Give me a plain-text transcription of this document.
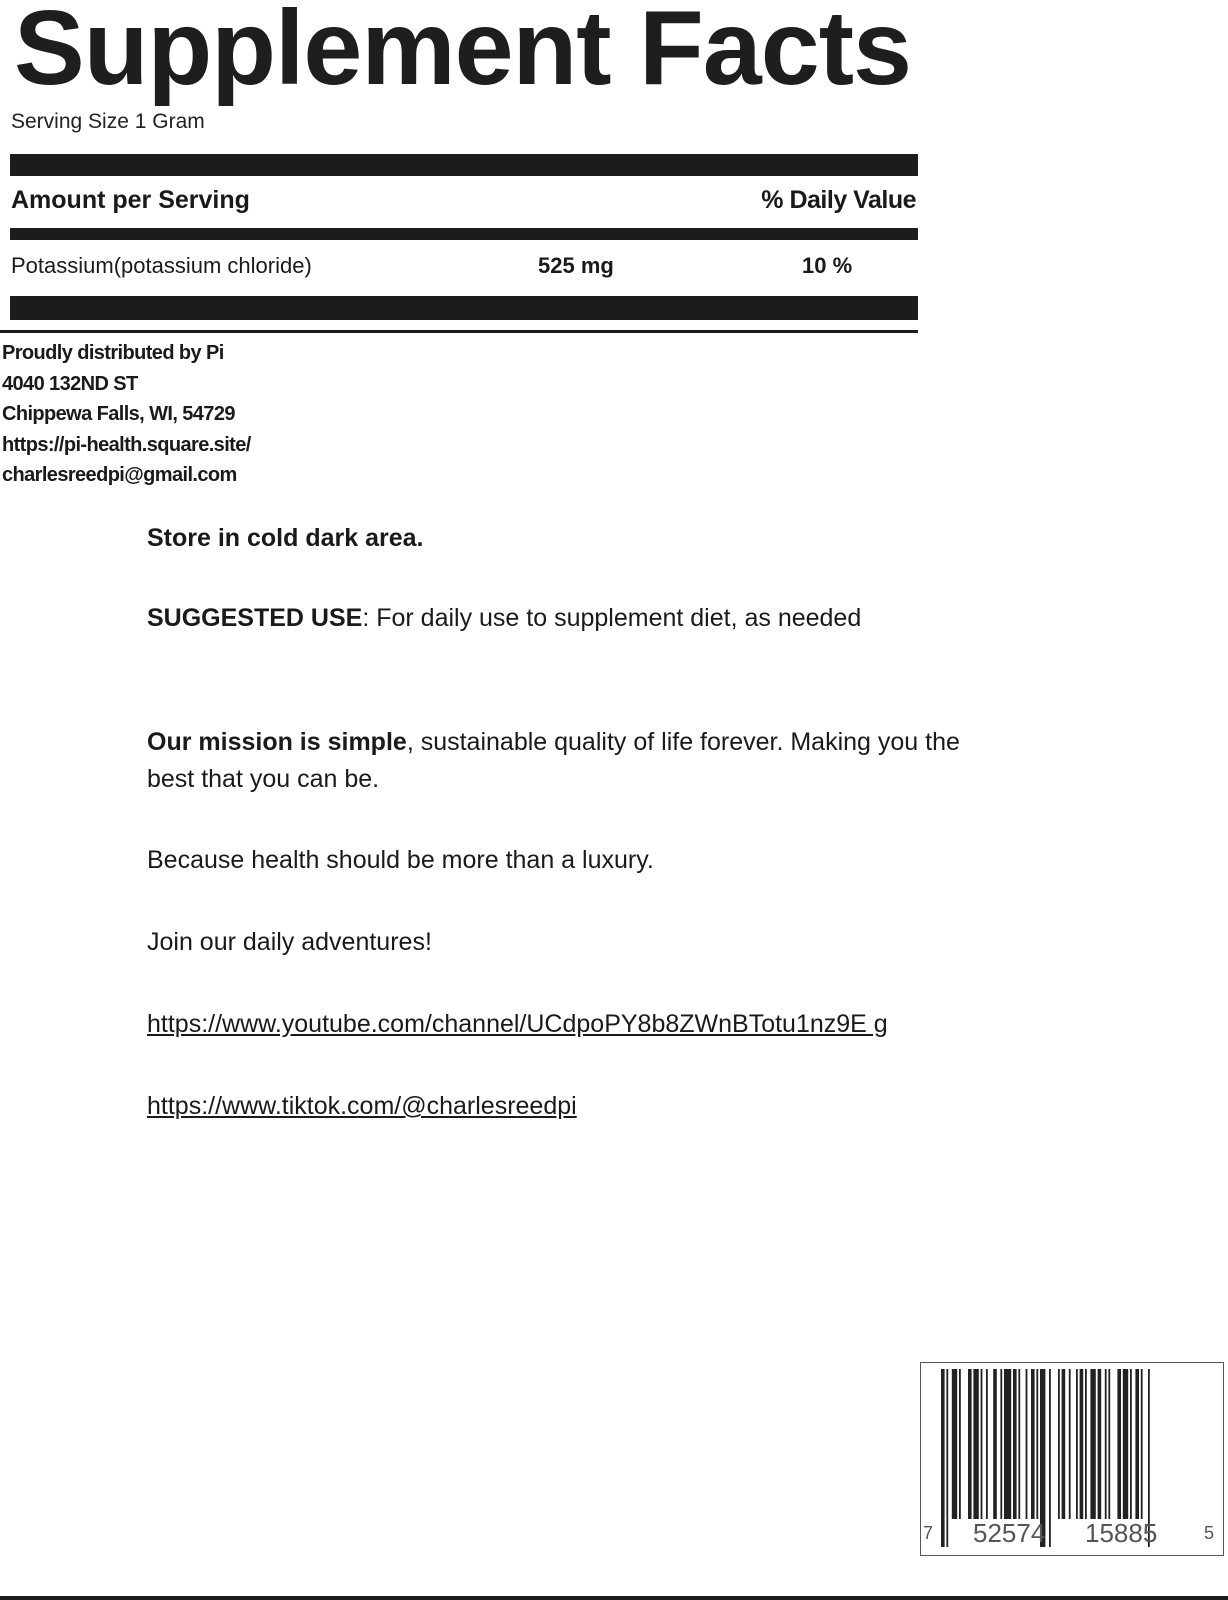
Supplement Facts
Serving Size 1 Gram
Amount per Serving	% Daily Value
Potassium(potassium chloride)	525 mg	10 %
Proudly distributed by Pi
4040 132ND ST
Chippewa Falls, WI, 54729
https://pi-health.square.site/
charlesreedpi@gmail.com
Store in cold dark area.
SUGGESTED USE: For daily use to supplement diet, as needed
Our mission is simple, sustainable quality of life forever. Making you the best that you can be.
Because health should be more than a luxury.
Join our daily adventures!
https://www.youtube.com/channel/UCdpoPY8b8ZWnBTotu1nz9E g
https://www.tiktok.com/@charlesreedpi
7 52574 15885	5
